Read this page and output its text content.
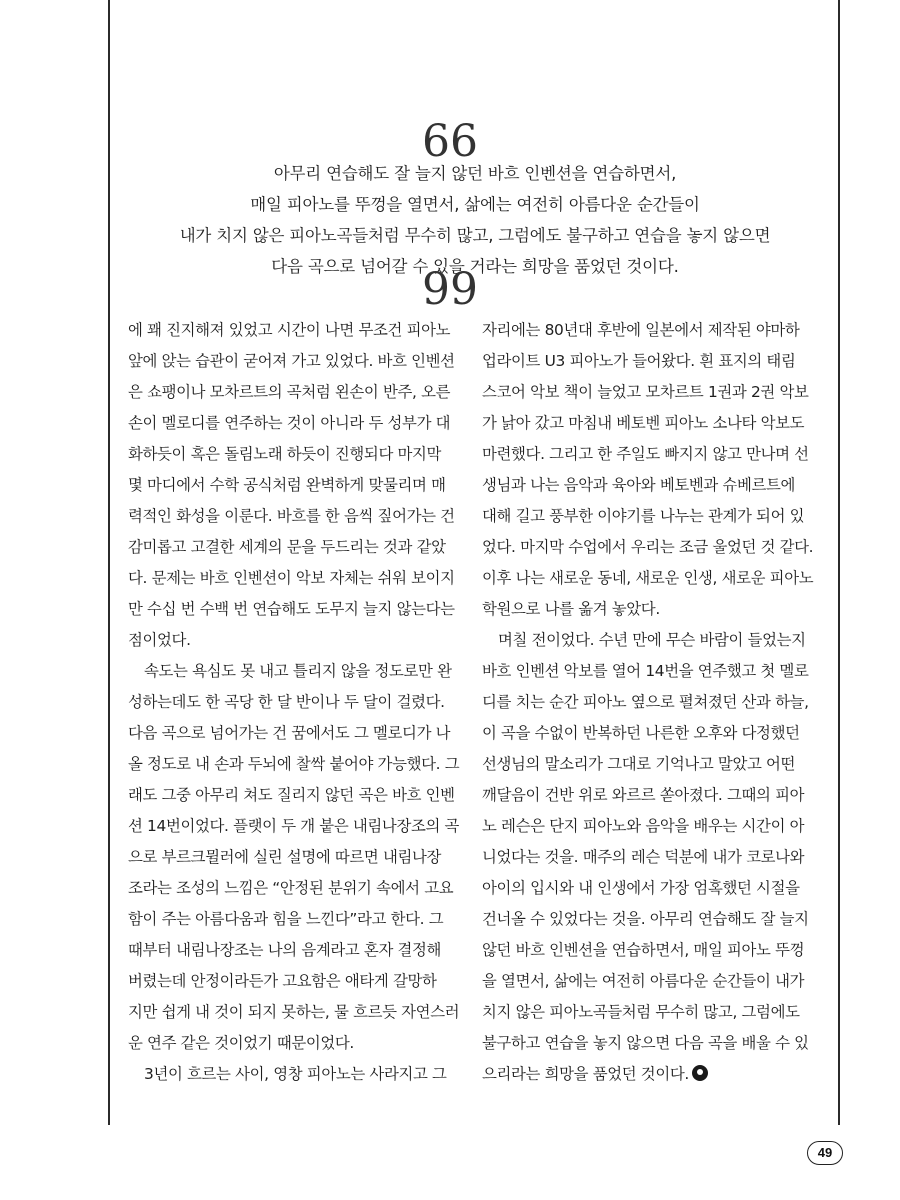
66
아무리 연습해도 잘 늘지 않던 바흐 인벤션을 연습하면서,
매일 피아노를 뚜껑을 열면서, 삶에는 여전히 아름다운 순간들이
내가 치지 않은 피아노곡들처럼 무수히 많고, 그럼에도 불구하고 연습을 놓지 않으면
다음 곡으로 넘어갈 수 있을 거라는 희망을 품었던 것이다.
99
에 꽤 진지해져 있었고 시간이 나면 무조건 피아노
앞에 앉는 습관이 굳어져 가고 있었다. 바흐 인벤션
은 쇼팽이나 모차르트의 곡처럼 왼손이 반주, 오른
손이 멜로디를 연주하는 것이 아니라 두 성부가 대
화하듯이 혹은 돌림노래 하듯이 진행되다 마지막
몇 마디에서 수학 공식처럼 완벽하게 맞물리며 매
력적인 화성을 이룬다. 바흐를 한 음씩 짚어가는 건
감미롭고 고결한 세계의 문을 두드리는 것과 같았
다. 문제는 바흐 인벤션이 악보 자체는 쉬워 보이지
만 수십 번 수백 번 연습해도 도무지 늘지 않는다는
점이었다.
속도는 욕심도 못 내고 틀리지 않을 정도로만 완
성하는데도 한 곡당 한 달 반이나 두 달이 걸렸다.
다음 곡으로 넘어가는 건 꿈에서도 그 멜로디가 나
올 정도로 내 손과 두뇌에 찰싹 붙어야 가능했다. 그
래도 그중 아무리 쳐도 질리지 않던 곡은 바흐 인벤
션 14번이었다. 플랫이 두 개 붙은 내림나장조의 곡
으로 부르크뮐러에 실린 설명에 따르면 내림나장
조라는 조성의 느낌은 “안정된 분위기 속에서 고요
함이 주는 아름다움과 힘을 느낀다”라고 한다. 그
때부터 내림나장조는 나의 음계라고 혼자 결정해
버렸는데 안정이라든가 고요함은 애타게 갈망하
지만 쉽게 내 것이 되지 못하는, 물 흐르듯 자연스러
운 연주 같은 것이었기 때문이었다.
3년이 흐르는 사이, 영창 피아노는 사라지고 그
자리에는 80년대 후반에 일본에서 제작된 야마하
업라이트 U3 피아노가 들어왔다. 흰 표지의 태림
스코어 악보 책이 늘었고 모차르트 1권과 2권 악보
가 낡아 갔고 마침내 베토벤 피아노 소나타 악보도
마련했다. 그리고 한 주일도 빠지지 않고 만나며 선
생님과 나는 음악과 육아와 베토벤과 슈베르트에
대해 길고 풍부한 이야기를 나누는 관계가 되어 있
었다. 마지막 수업에서 우리는 조금 울었던 것 같다.
이후 나는 새로운 동네, 새로운 인생, 새로운 피아노
학원으로 나를 옮겨 놓았다.
며칠 전이었다. 수년 만에 무슨 바람이 들었는지
바흐 인벤션 악보를 열어 14번을 연주했고 첫 멜로
디를 치는 순간 피아노 옆으로 펼쳐졌던 산과 하늘,
이 곡을 수없이 반복하던 나른한 오후와 다정했던
선생님의 말소리가 그대로 기억나고 말았고 어떤
깨달음이 건반 위로 와르르 쏟아졌다. 그때의 피아
노 레슨은 단지 피아노와 음악을 배우는 시간이 아
니었다는 것을. 매주의 레슨 덕분에 내가 코로나와
아이의 입시와 내 인생에서 가장 엄혹했던 시절을
건너올 수 있었다는 것을. 아무리 연습해도 잘 늘지
않던 바흐 인벤션을 연습하면서, 매일 피아노 뚜껑
을 열면서, 삶에는 여전히 아름다운 순간들이 내가
치지 않은 피아노곡들처럼 무수히 많고, 그럼에도
불구하고 연습을 놓지 않으면 다음 곡을 배울 수 있
으리라는 희망을 품었던 것이다.
49
